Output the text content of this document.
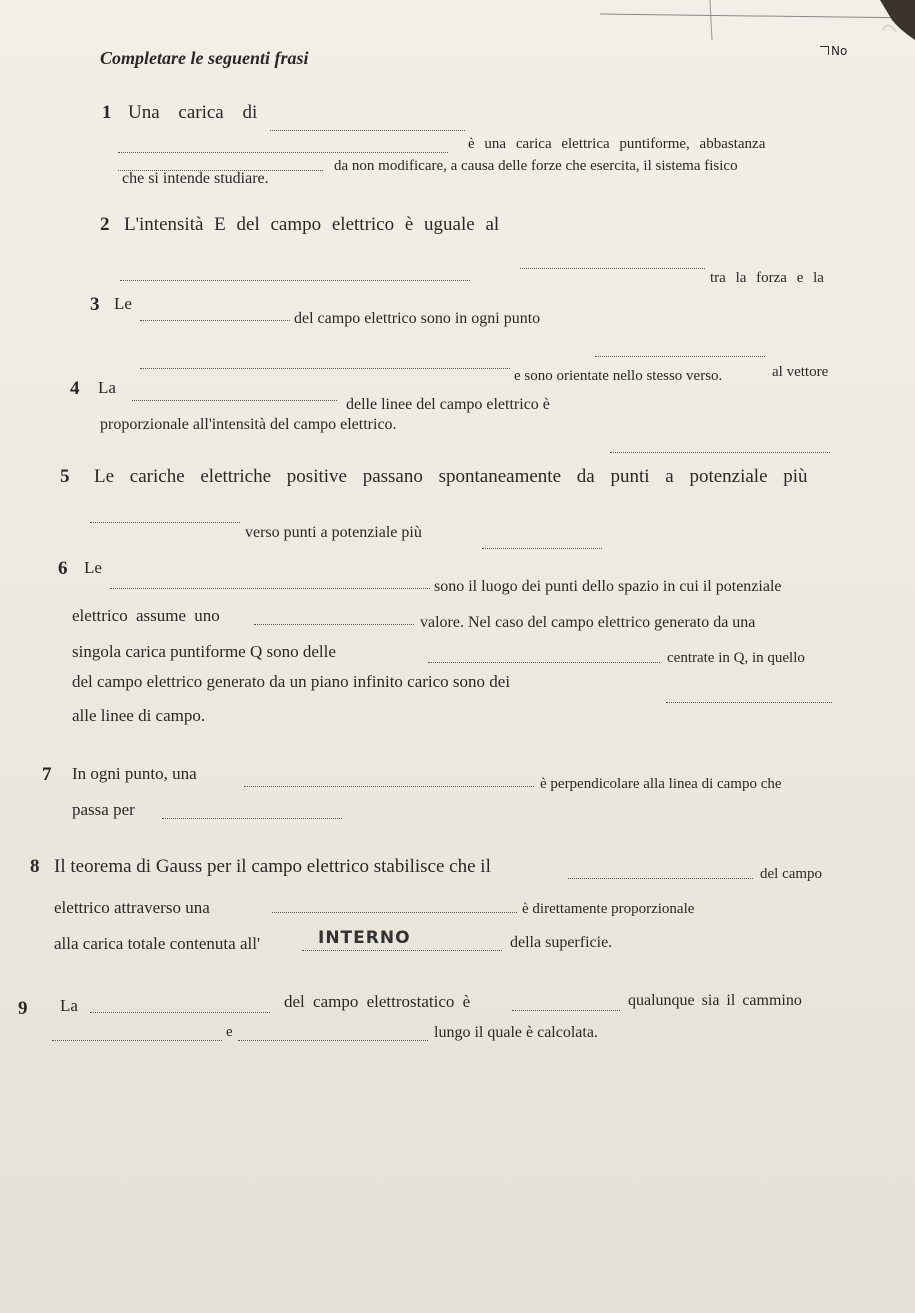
No
Completare le seguenti frasi
1 Una carica di
è una carica elettrica puntiforme, abbastanza
da non modificare, a causa delle forze che esercita, il sistema fisico
che si intende studiare.
2 L'intensità E del campo elettrico è uguale al
tra la forza e la
3 Le
del campo elettrico sono in ogni punto
al vettore
e sono orientate nello stesso verso.
4 La
delle linee del campo elettrico è
proporzionale all'intensità del campo elettrico.
5 Le cariche elettriche positive passano spontaneamente da punti a potenziale più
verso punti a potenziale più
6 Le
sono il luogo dei punti dello spazio in cui il potenziale
elettrico assume uno	valore. Nel caso del campo elettrico generato da una
singola carica puntiforme Q sono delle	centrate in Q, in quello
del campo elettrico generato da un piano infinito carico sono dei
alle linee di campo.
7 In ogni punto, una
è perpendicolare alla linea di campo che
passa per
8 Il teorema di Gauss per il campo elettrico stabilisce che il	del campo
elettrico attraverso una	è direttamente proporzionale
alla carica totale contenuta all'	INTERNO	della superficie.
9 La	del campo elettrostatico è	qualunque sia il cammino
e	lungo il quale è calcolata.
